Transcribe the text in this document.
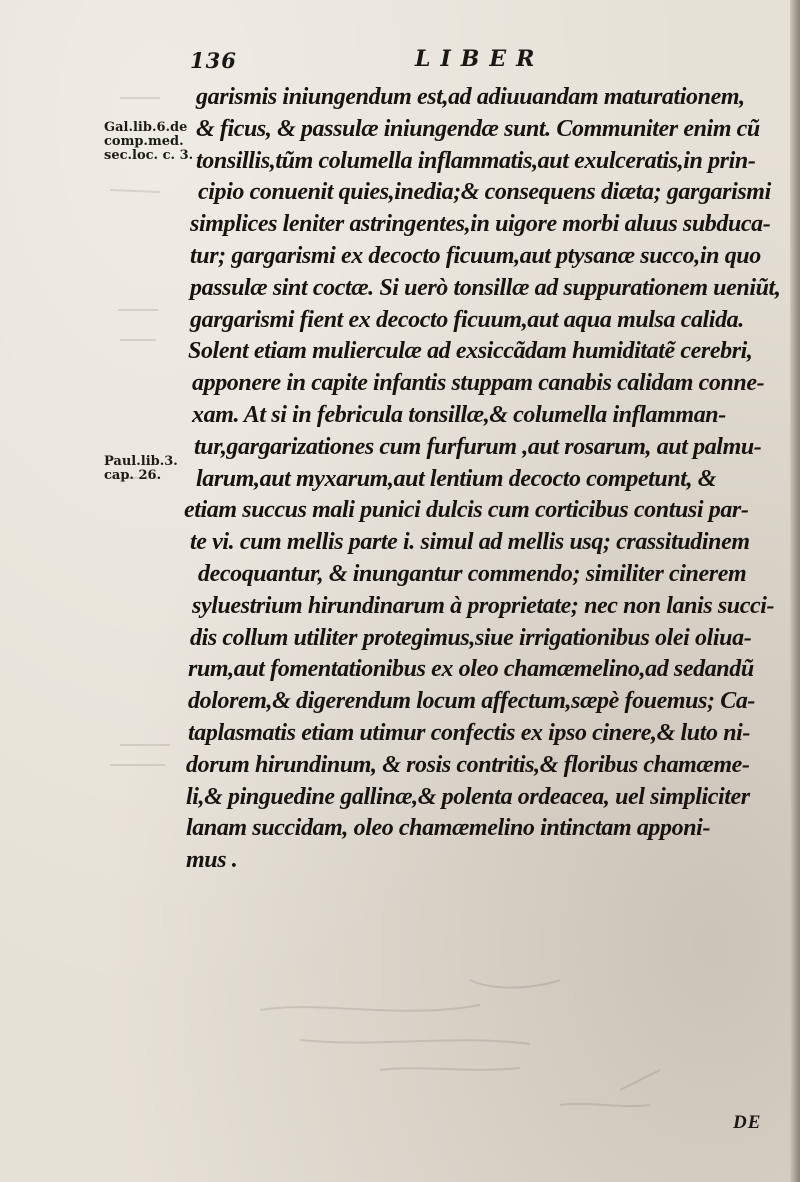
136	LIBER
Gal.lib.6.de
comp.med.
sec.loc. c. 3.
Paul.lib.3.
cap. 26.
garismis iniungendum est,ad adiuuandam maturationem,
& ficus, & passulæ iniungendæ sunt. Communiter enim cũ
tonsillis,tũm columella inflammatis,aut exulceratis,in prin-
cipio conuenit quies,inedia;& consequens diæta; gargarismi
simplices leniter astringentes,in uigore morbi aluus subduca-
tur; gargarismi ex decocto ficuum,aut ptysanæ succo,in quo
passulæ sint coctæ. Si uerò tonsillæ ad suppurationem ueniũt,
gargarismi fient ex decocto ficuum,aut aqua mulsa calida.
Solent etiam mulierculæ ad exsiccãdam humiditatẽ cerebri,
apponere in capite infantis stuppam canabis calidam conne-
xam. At si in febricula tonsillæ,& columella inflamman-
tur,gargarizationes cum furfurum ,aut rosarum, aut palmu-
larum,aut myxarum,aut lentium decocto competunt, &
etiam succus mali punici dulcis cum corticibus contusi par-
te vi. cum mellis parte i. simul ad mellis usq; crassitudinem
decoquantur, & inungantur commendo; similiter cinerem
syluestrium hirundinarum à proprietate; nec non lanis succi-
dis collum utiliter protegimus,siue irrigationibus olei oliua-
rum,aut fomentationibus ex oleo chamæmelino,ad sedandũ
dolorem,& digerendum locum affectum,sæpè fouemus; Ca-
taplasmatis etiam utimur confectis ex ipso cinere,& luto ni-
dorum hirundinum, & rosis contritis,& floribus chamæme-
li,& pinguedine gallinæ,& polenta ordeacea, uel simpliciter
lanam succidam, oleo chamæmelino intinctam apponi-
mus .
DE
